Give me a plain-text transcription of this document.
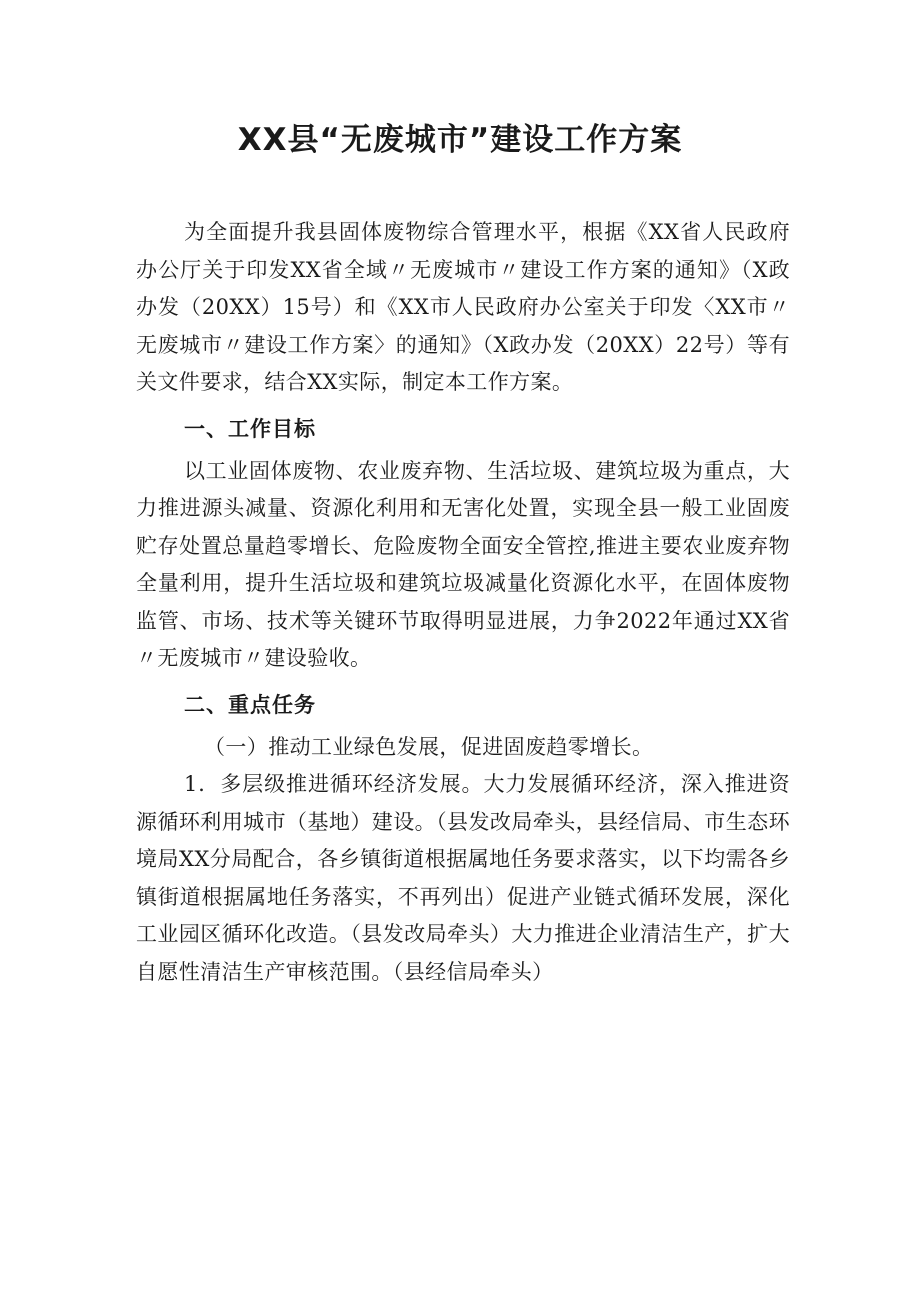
XX县“无废城市”建设工作方案

为全面提升我县固体废物综合管理水平，根据《XX省人民政府办公厅关于印发XX省全域〃无废城市〃建设工作方案的通知》（X政办发（20XX）15号）和《XX市人民政府办公室关于印发〈XX市〃无废城市〃建设工作方案〉的通知》（X政办发（20XX）22号）等有关文件要求，结合XX实际，制定本工作方案。

一、工作目标

以工业固体废物、农业废弃物、生活垃圾、建筑垃圾为重点，大力推进源头减量、资源化利用和无害化处置，实现全县一般工业固废贮存处置总量趋零增长、危险废物全面安全管控,推进主要农业废弃物全量利用，提升生活垃圾和建筑垃圾减量化资源化水平，在固体废物监管、市场、技术等关键环节取得明显进展，力争2022年通过XX省〃无废城市〃建设验收。

二、重点任务

（一）推动工业绿色发展，促进固废趋零增长。

1．多层级推进循环经济发展。大力发展循环经济，深入推进资源循环利用城市（基地）建设。（县发改局牵头，县经信局、市生态环境局XX分局配合，各乡镇街道根据属地任务要求落实，以下均需各乡镇街道根据属地任务落实，不再列出）促进产业链式循环发展，深化工业园区循环化改造。（县发改局牵头）大力推进企业清洁生产，扩大自愿性清洁生产审核范围。（县经信局牵头）
